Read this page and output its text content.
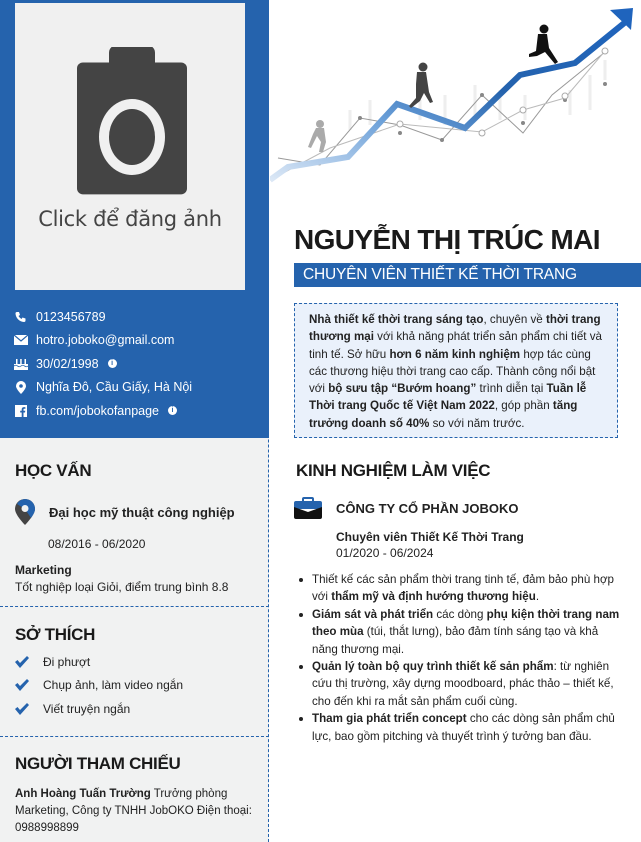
Click để đăng ảnh
0123456789
hotro.joboko@gmail.com
30/02/1998	i
Nghĩa Đô, Cầu Giấy, Hà Nội
fb.com/jobokofanpage	i
HỌC VẤN
Đại học mỹ thuật công nghiệp
08/2016 - 06/2020
Marketing
Tốt nghiệp loại Giỏi, điểm trung bình 8.8
SỞ THÍCH
Đi phượt
Chụp ảnh, làm video ngắn
Viết truyện ngắn
NGƯỜI THAM CHIẾU
Anh Hoàng Tuấn Trường Trưởng phòng Marketing, Công ty TNHH JobOKO Điện thoại: 0988998899
NGUYỄN THỊ TRÚC MAI
CHUYÊN VIÊN THIẾT KẾ THỜI TRANG
Nhà thiết kế thời trang sáng tạo, chuyên về thời trang thương mại với khả năng phát triển sản phẩm chi tiết và tinh tế. Sở hữu hơn 6 năm kinh nghiệm hợp tác cùng các thương hiệu thời trang cao cấp. Thành công nổi bật với bộ sưu tập “Bướm hoang” trình diễn tại Tuần lễ Thời trang Quốc tế Việt Nam 2022, góp phần tăng trưởng doanh số 40% so với năm trước.
KINH NGHIỆM LÀM VIỆC
CÔNG TY CỔ PHẦN JOBOKO
Chuyên viên Thiết Kế Thời Trang
01/2020 - 06/2024
Thiết kế các sản phẩm thời trang tinh tế, đảm bảo phù hợp với thẩm mỹ và định hướng thương hiệu.
Giám sát và phát triển các dòng phụ kiện thời trang nam theo mùa (túi, thắt lưng), bảo đảm tính sáng tạo và khả năng thương mại.
Quản lý toàn bộ quy trình thiết kế sản phẩm: từ nghiên cứu thị trường, xây dựng moodboard, phác thảo – thiết kế, cho đến khi ra mắt sản phẩm cuối cùng.
Tham gia phát triển concept cho các dòng sản phẩm chủ lực, bao gồm pitching và thuyết trình ý tưởng ban đầu.
